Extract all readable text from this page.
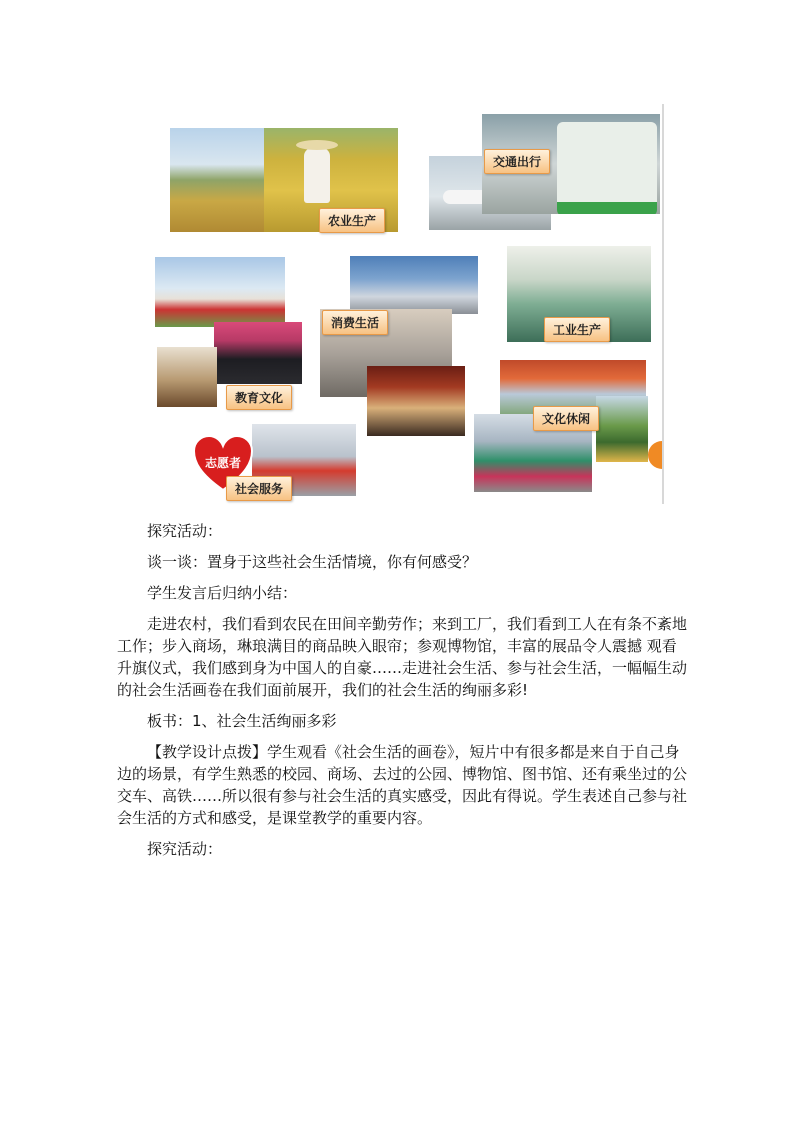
农业生产
交通出行
教育文化
消费生活	工业生产
文化休闲
志愿者
社会服务

探究活动：

谈一谈：置身于这些社会生活情境，你有何感受？

学生发言后归纳小结：

走进农村，我们看到农民在田间辛勤劳作；来到工厂，我们看到工人在有条不紊地工作；步入商场，琳琅满目的商品映入眼帘；参观博物馆，丰富的展品令人震撼 观看升旗仪式，我们感到身为中国人的自豪……走进社会生活、参与社会生活，一幅幅生动的社会生活画卷在我们面前展开，我们的社会生活的绚丽多彩!

板书：1、社会生活绚丽多彩

【教学设计点拨】学生观看《社会生活的画卷》，短片中有很多都是来自于自己身边的场景，有学生熟悉的校园、商场、去过的公园、博物馆、图书馆、还有乘坐过的公交车、高铁……所以很有参与社会生活的真实感受，因此有得说。学生表述自己参与社会生活的方式和感受，是课堂教学的重要内容。

探究活动：
